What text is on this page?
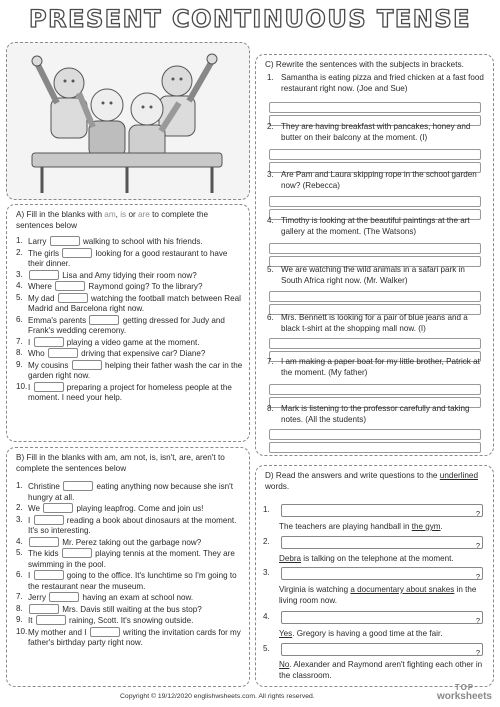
PRESENT CONTINUOUS TENSE
A) Fill in the blanks with am, is or are to complete the sentences below
1. Larry	walking to school with his friends.
2. The girls	looking for a good restaurant to have their dinner.
3.	Lisa and Amy tidying their room now?
4. Where	Raymond going? To the library?
5. My dad	watching the football match between Real Madrid and Barcelona right now.
6. Emma's parents	getting dressed for Judy and Frank's wedding ceremony.
7. I	playing a video game at the moment.
8. Who	driving that expensive car? Diane?
9. My cousins	helping their father wash the car in the garden right now.
10. I	preparing a project for homeless people at the moment. I need your help.
B) Fill in the blanks with am, am not, is, isn't, are, aren't to complete the sentences below
1. Christine	eating anything now because she isn't hungry at all.
2. We	playing leapfrog. Come and join us!
3. I	reading a book about dinosaurs at the moment. It's so interesting.
4.	Mr. Perez taking out the garbage now?
5. The kids	playing tennis at the moment. They are swimming in the pool.
6. I	going to the office. It's lunchtime so I'm going to the restaurant near the museum.
7. Jerry	having an exam at school now.
8.	Mrs. Davis still waiting at the bus stop?
9. It	raining, Scott. It's snowing outside.
10. My mother and I	writing the invitation cards for my father's birthday party right now.
C) Rewrite the sentences with the subjects in brackets.
1. Samantha is eating pizza and fried chicken at a fast food restaurant right now. (Joe and Sue)
2. They are having breakfast with pancakes, honey and butter on their balcony at the moment. (I)
3. Are Pam and Laura skipping rope in the school garden now? (Rebecca)
4. Timothy is looking at the beautiful paintings at the art gallery at the moment. (The Watsons)
5. We are watching the wild animals in a safari park in South Africa right now. (Mr. Walker)
6. Mrs. Bennett is looking for a pair of blue jeans and a black t-shirt at the shopping mall now. (I)
7. I am making a paper boat for my little brother, Patrick at the moment. (My father)
8. Mark is listening to the professor carefully and taking notes. (All the students)
D) Read the answers and write questions to the underlined words.
1.	?
The teachers are playing handball in the gym.
2.	?
Debra is talking on the telephone at the moment.
3.	?
Virginia is watching a documentary about snakes in the living room now.
4.	?
Yes. Gregory is having a good time at the fair.
5.	?
No. Alexander and Raymond aren't fighting each other in the classroom.
Copyright © 19/12/2020 englishwsheets.com. All rights reserved.
TOP
worksheets
